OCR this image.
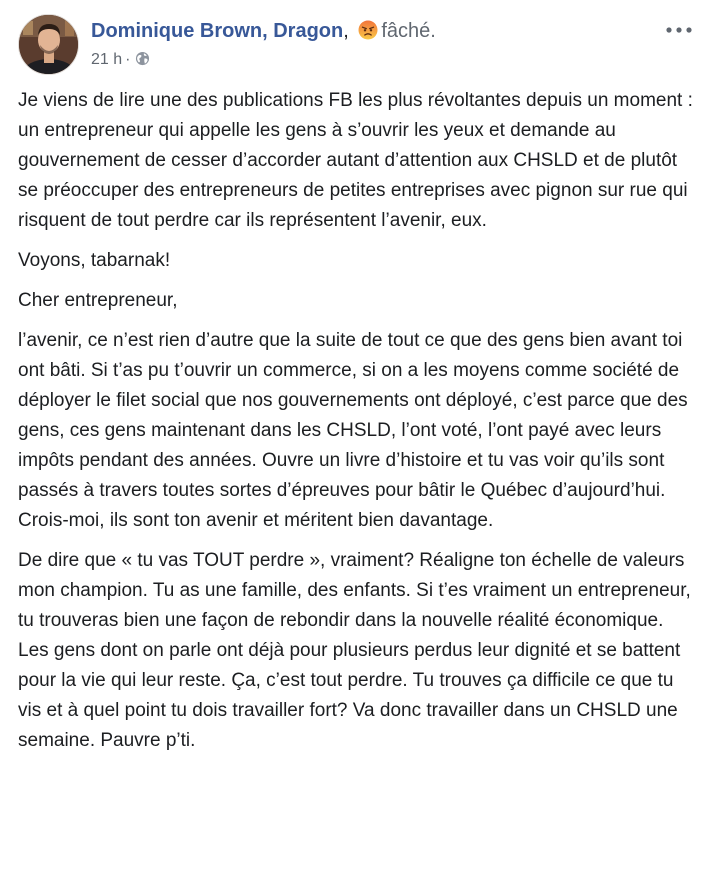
Dominique Brown, Dragon, fâché.
21 h ·

Je viens de lire une des publications FB les plus révoltantes depuis un moment : un entrepreneur qui appelle les gens à s’ouvrir les yeux et demande au gouvernement de cesser d’accorder autant d’attention aux CHSLD et de plutôt se préoccuper des entrepreneurs de petites entreprises avec pignon sur rue qui risquent de tout perdre car ils représentent l’avenir, eux.

Voyons, tabarnak!

Cher entrepreneur,

l’avenir, ce n’est rien d’autre que la suite de tout ce que des gens bien avant toi ont bâti. Si t’as pu t’ouvrir un commerce, si on a les moyens comme société de déployer le filet social que nos gouvernements ont déployé, c’est parce que des gens, ces gens maintenant dans les CHSLD, l’ont voté, l’ont payé avec leurs impôts pendant des années. Ouvre un livre d’histoire et tu vas voir qu’ils sont passés à travers toutes sortes d’épreuves pour bâtir le Québec d’aujourd’hui. Crois-moi, ils sont ton avenir et méritent bien davantage.

De dire que « tu vas TOUT perdre », vraiment? Réaligne ton échelle de valeurs mon champion. Tu as une famille, des enfants. Si t’es vraiment un entrepreneur, tu trouveras bien une façon de rebondir dans la nouvelle réalité économique. Les gens dont on parle ont déjà pour plusieurs perdus leur dignité et se battent pour la vie qui leur reste. Ça, c’est tout perdre. Tu trouves ça difficile ce que tu vis et à quel point tu dois travailler fort? Va donc travailler dans un CHSLD une semaine. Pauvre p’ti.
